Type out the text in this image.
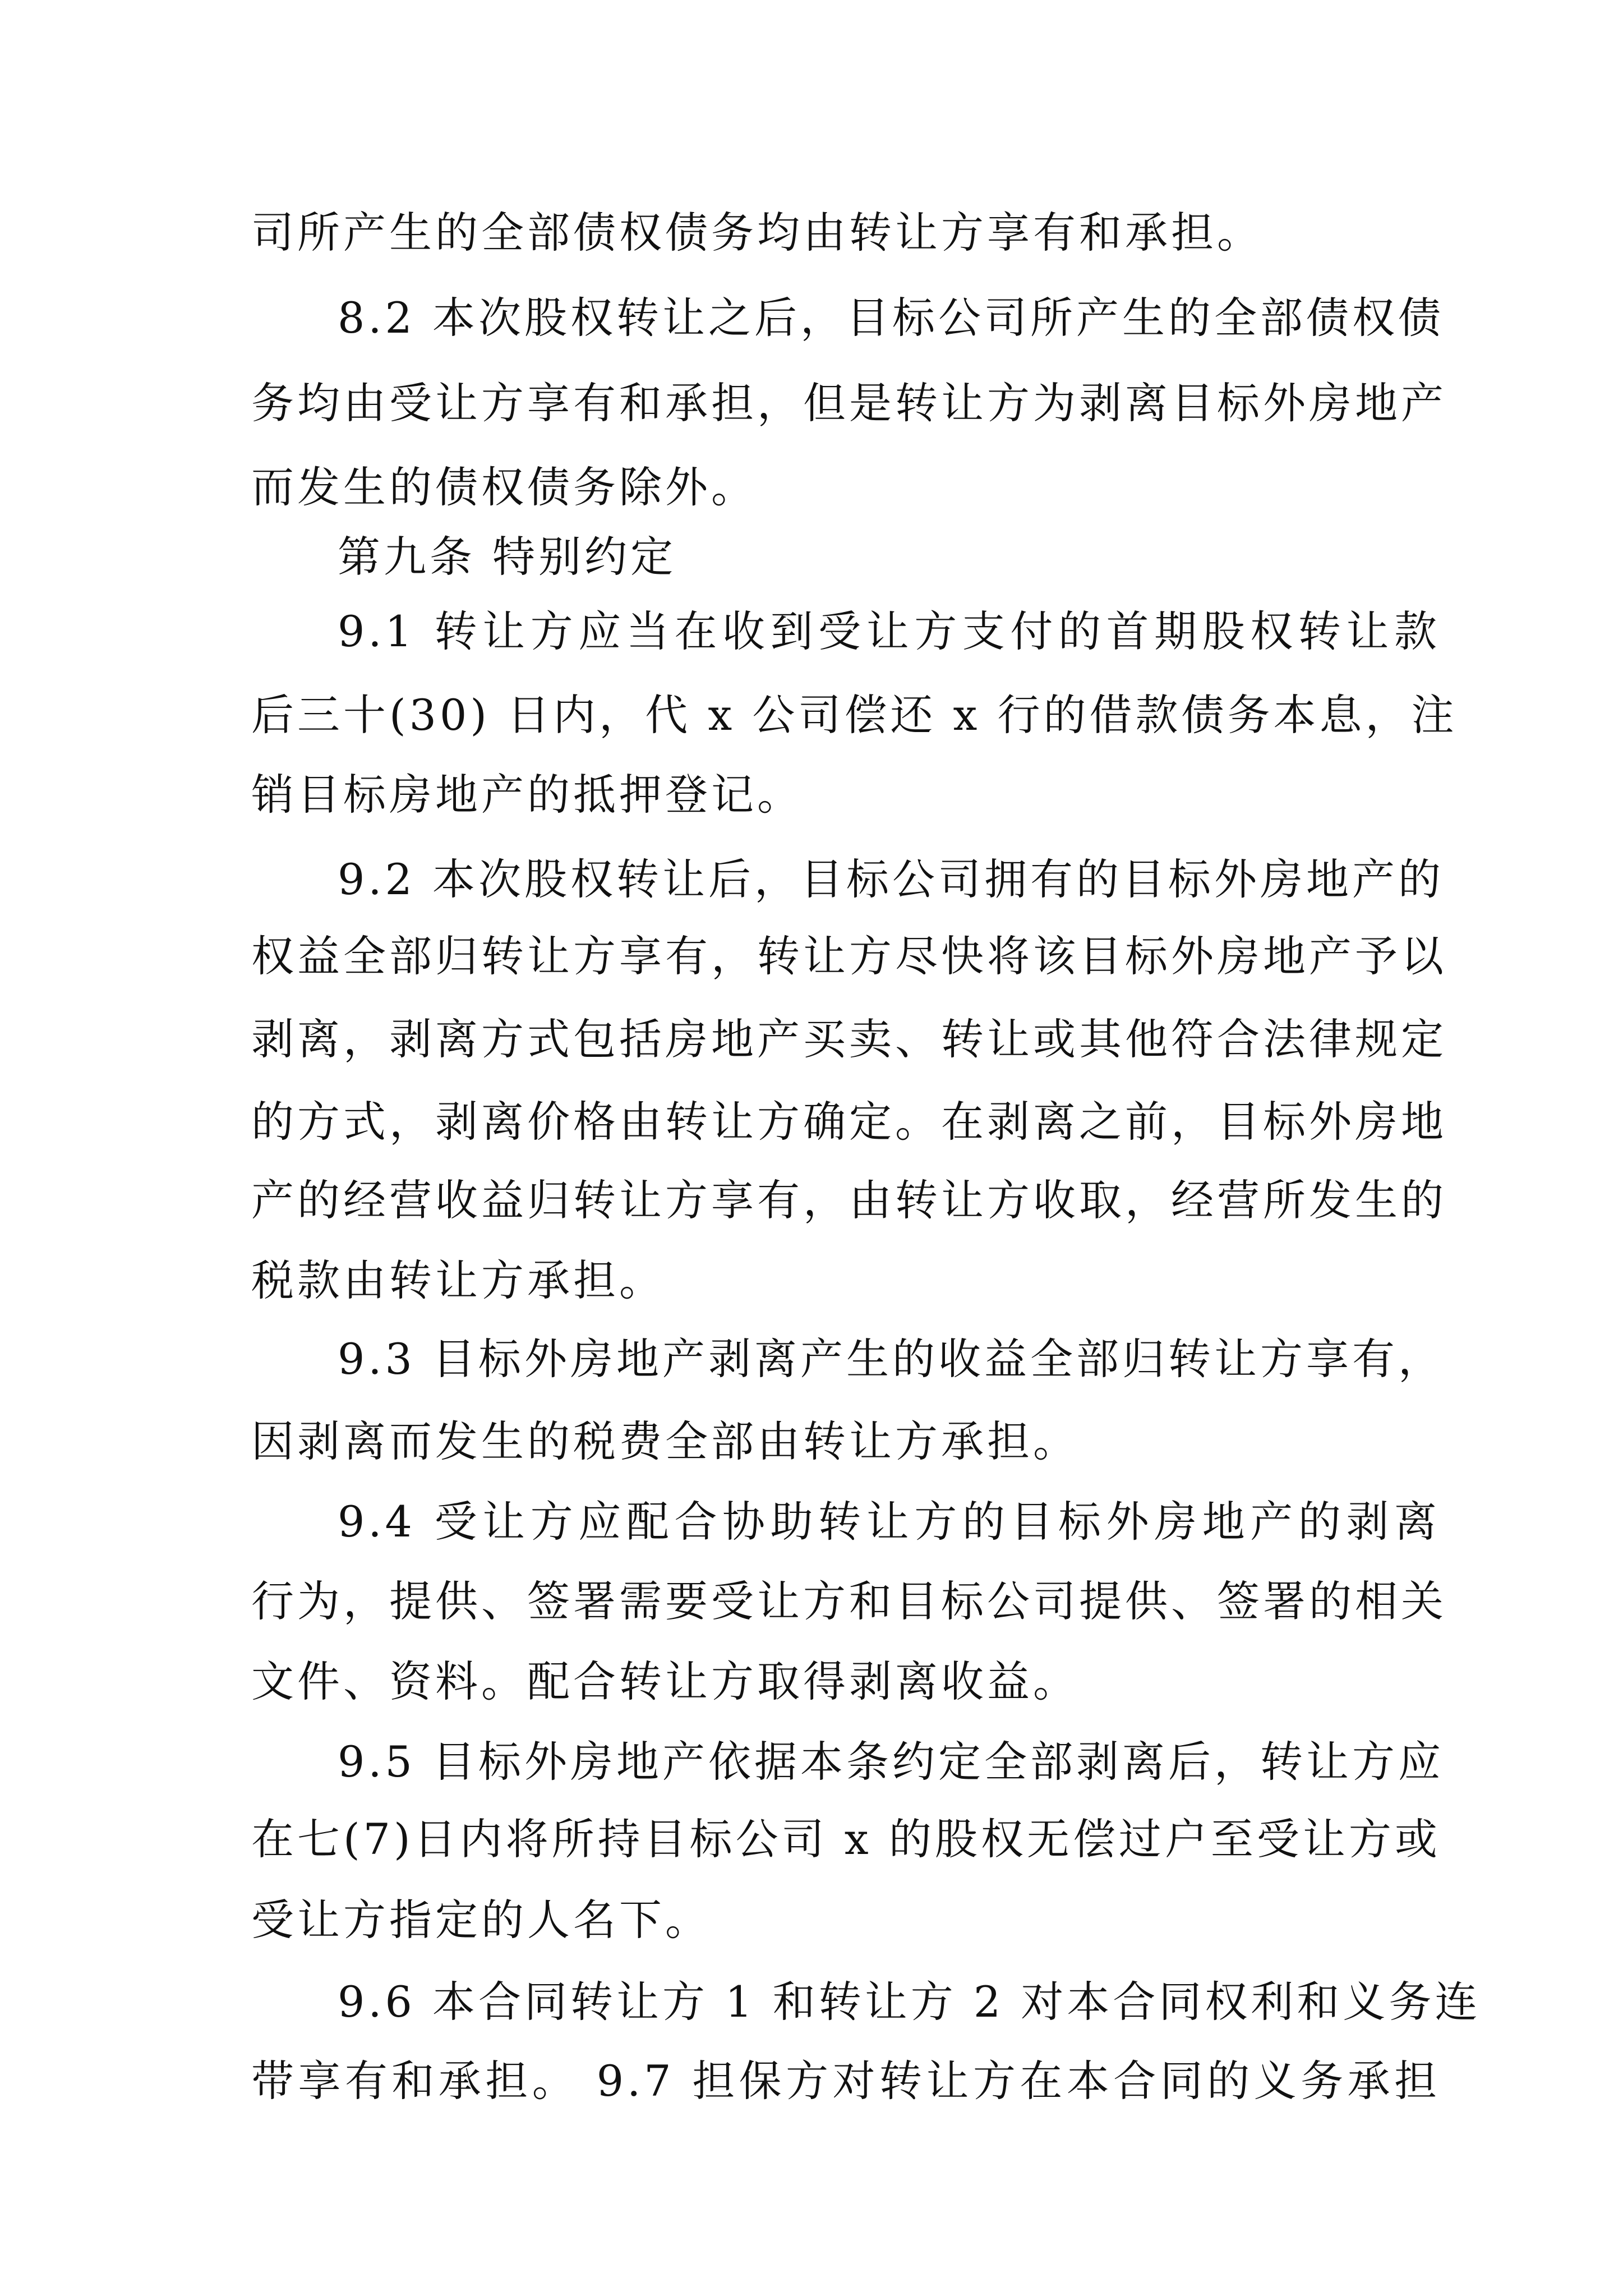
司所产生的全部债权债务均由转让方享有和承担。
8.2 本次股权转让之后，目标公司所产生的全部债权债
务均由受让方享有和承担，但是转让方为剥离目标外房地产
而发生的债权债务除外。
第九条 特别约定
9.1 转让方应当在收到受让方支付的首期股权转让款
后三十(30) 日内，代 x 公司偿还 x 行的借款债务本息，注
销目标房地产的抵押登记。
9.2 本次股权转让后，目标公司拥有的目标外房地产的
权益全部归转让方享有，转让方尽快将该目标外房地产予以
剥离，剥离方式包括房地产买卖、转让或其他符合法律规定
的方式，剥离价格由转让方确定。在剥离之前，目标外房地
产的经营收益归转让方享有，由转让方收取，经营所发生的
税款由转让方承担。
9.3 目标外房地产剥离产生的收益全部归转让方享有，
因剥离而发生的税费全部由转让方承担。
9.4 受让方应配合协助转让方的目标外房地产的剥离
行为，提供、签署需要受让方和目标公司提供、签署的相关
文件、资料。配合转让方取得剥离收益。
9.5 目标外房地产依据本条约定全部剥离后，转让方应
在七(7)日内将所持目标公司 x 的股权无偿过户至受让方或
受让方指定的人名下。
9.6 本合同转让方 1 和转让方 2 对本合同权利和义务连
带享有和承担。 9.7 担保方对转让方在本合同的义务承担
